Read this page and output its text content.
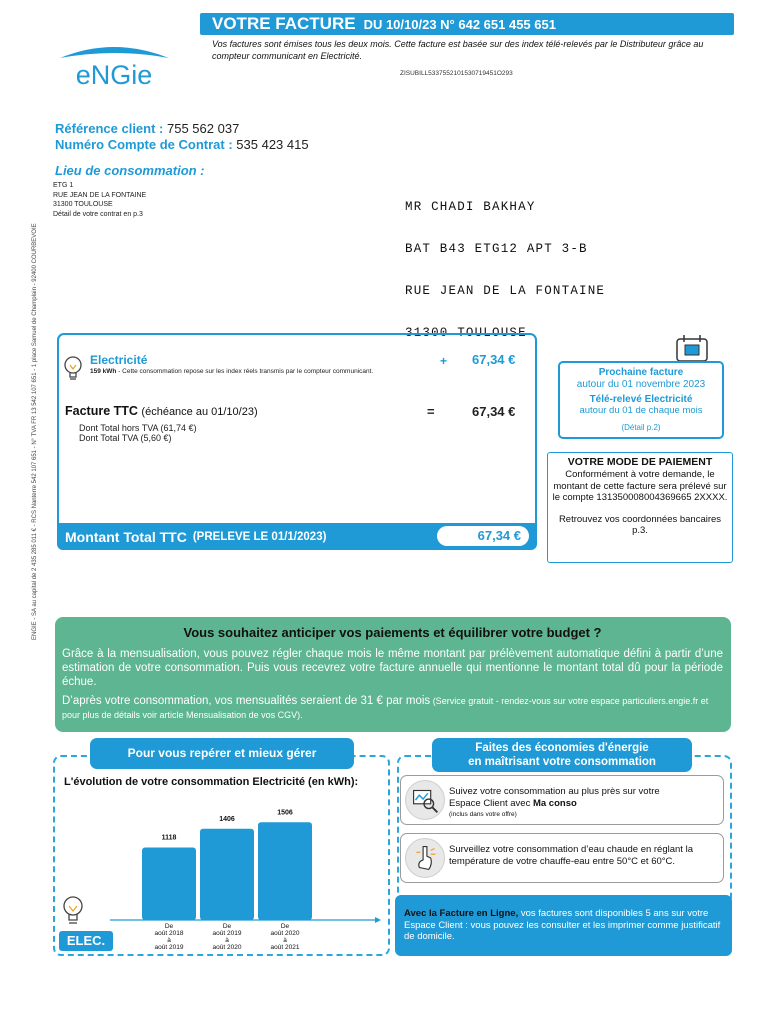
VOTRE FACTURE DU 10/10/23 N° 642 651 455 651
Vos factures sont émises tous les deux mois. Cette facture est basée sur des index télé-relevés par le Distributeur grâce au compteur communicant en Electricité.
ZISUBILL5337552101530719451O293
eNGie
Référence client : 755 562 037
Numéro Compte de Contrat : 535 423 415
Lieu de consommation :
ETG 1
RUE JEAN DE LA FONTAINE
31300 TOULOUSE
Détail de votre contrat en p.3

	MR CHADI BAKHAY

BAT B43 ETG12 APT 3-B

RUE JEAN DE LA FONTAINE

31300 TOULOUSE

ENGIE - SA au capital de 2 435 285 011 € - RCS Nanterre 542 107 651 - N° TVA FR 13 542 107 651 - 1 place Samuel de Champlain - 92400 COURBEVOIE	Electricité
159 kWh - Cette consommation repose sur les index réels transmis par le compteur communicant.
+ 67,34 €
Facture TTC (échéance au 01/10/23)	=	67,34 €
Dont Total hors TVA (61,74 €)
Dont Total TVA (5,60 €)
Montant Total TTC (PRELEVE LE 01/1/2023)	67,34 €
Prochaine facture
autour du 01 novembre 2023
Télé-relevé Electricité
autour du 01 de chaque mois
(Détail p.2)
VOTRE MODE DE PAIEMENT
Conformément à votre demande, le montant de cette facture sera prélevé sur le compte 131350008004369665 2XXXX.
Retrouvez vos coordonnées bancaires p.3.
Vous souhaitez anticiper vos paiements et équilibrer votre budget ?
Grâce à la mensualisation, vous pouvez régler chaque mois le même montant par prélèvement automatique défini à partir d’une estimation de votre consommation. Puis vous recevrez votre facture annuelle qui mentionne le montant total dû pour la période échue.
D’après votre consommation, vos mensualités seraient de 31 € par mois (Service gratuit - rendez-vous sur votre espace particuliers.engie.fr et pour plus de détails voir article Mensualisation de vos CGV).
Pour vous repérer et mieux gérer
L'évolution de votre consommation Electricité (en kWh):
1118
1406
1506
De
août 2018
à
août 2019
De
août 2019
à
août 2020
De
août 2020
à
août 2021
ELEC.
Faites des économies d'énergie
en maîtrisant votre consommation
Suivez votre consommation au plus près sur votre
Espace Client avec Ma conso
(inclus dans votre offre)
Surveillez votre consommation d’eau chaude en réglant la
température de votre chauffe-eau entre 50°C et 60°C.
Avec la Facture en Ligne, vos factures sont disponibles 5 ans sur votre Espace Client : vous pouvez les consulter et les imprimer comme justificatif de domicile.
